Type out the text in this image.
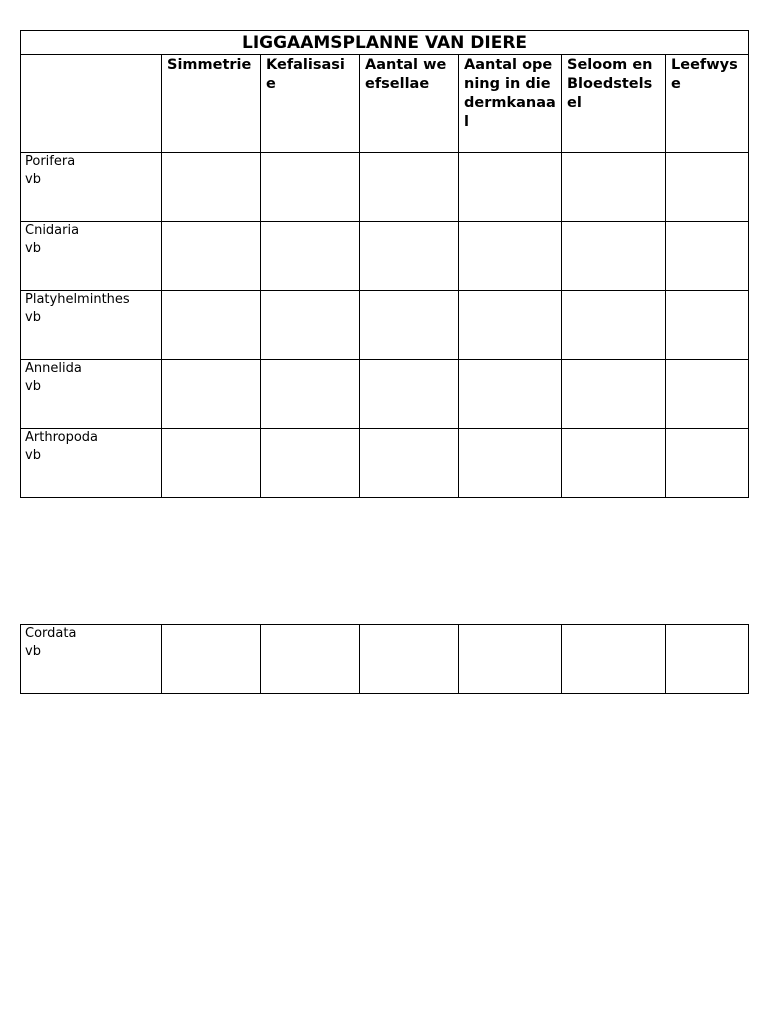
LIGGAAMSPLANNE VAN DIERE						
	Simmetrie	Kefalisasie	Aantal weefsellae	Aantal opening in die dermkanaal	Seloom en Bloedstelsel	Leefwyse

Porifera
vb						

Cnidaria
vb						

Platyhelminthes
vb						

Annelida
vb						

Arthropoda
vb						

Cordata
vb
